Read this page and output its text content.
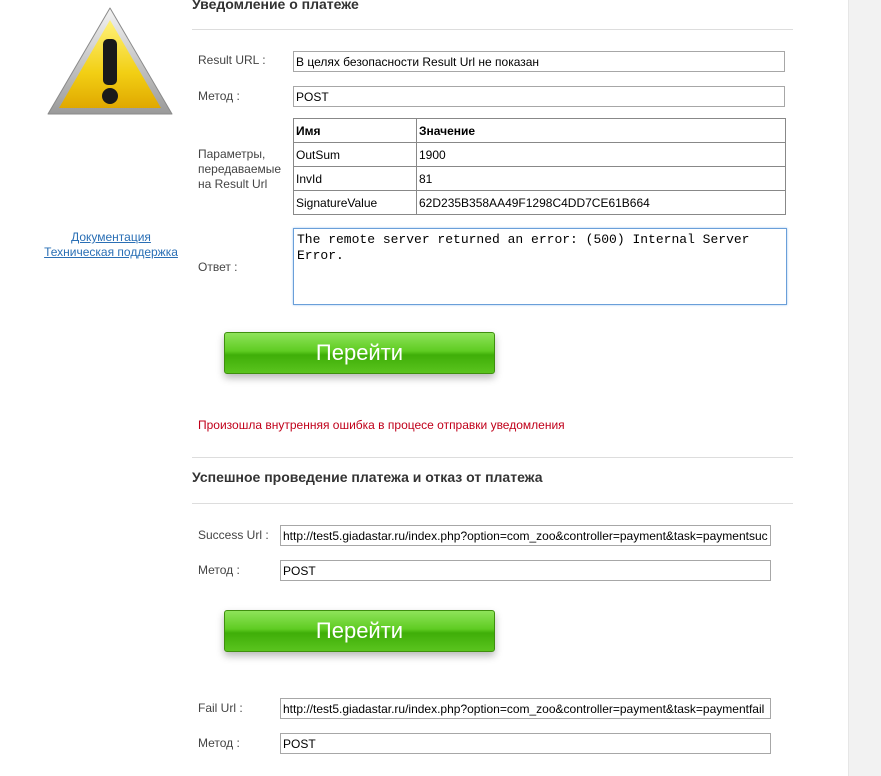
Документация
Техническая поддержка
Уведомление о платеже
Result URL :
В целях безопасности Result Url не показан
Метод :
POST
Параметры, передаваемые на Result Url
Имя	Значение
OutSum	1900
InvId	81
SignatureValue	62D235B358AA49F1298C4DD7CE61B664
Ответ :
The remote server returned an error: (500) Internal Server Error.
Перейти
Произошла внутренняя ошибка в процесе отправки уведомления
Успешное проведение платежа и отказ от платежа
Success Url :
http://test5.giadastar.ru/index.php?option=com_zoo&controller=payment&task=paymentsuccess
Метод :
POST
Перейти
Fail Url :
http://test5.giadastar.ru/index.php?option=com_zoo&controller=payment&task=paymentfail
Метод :
POST
